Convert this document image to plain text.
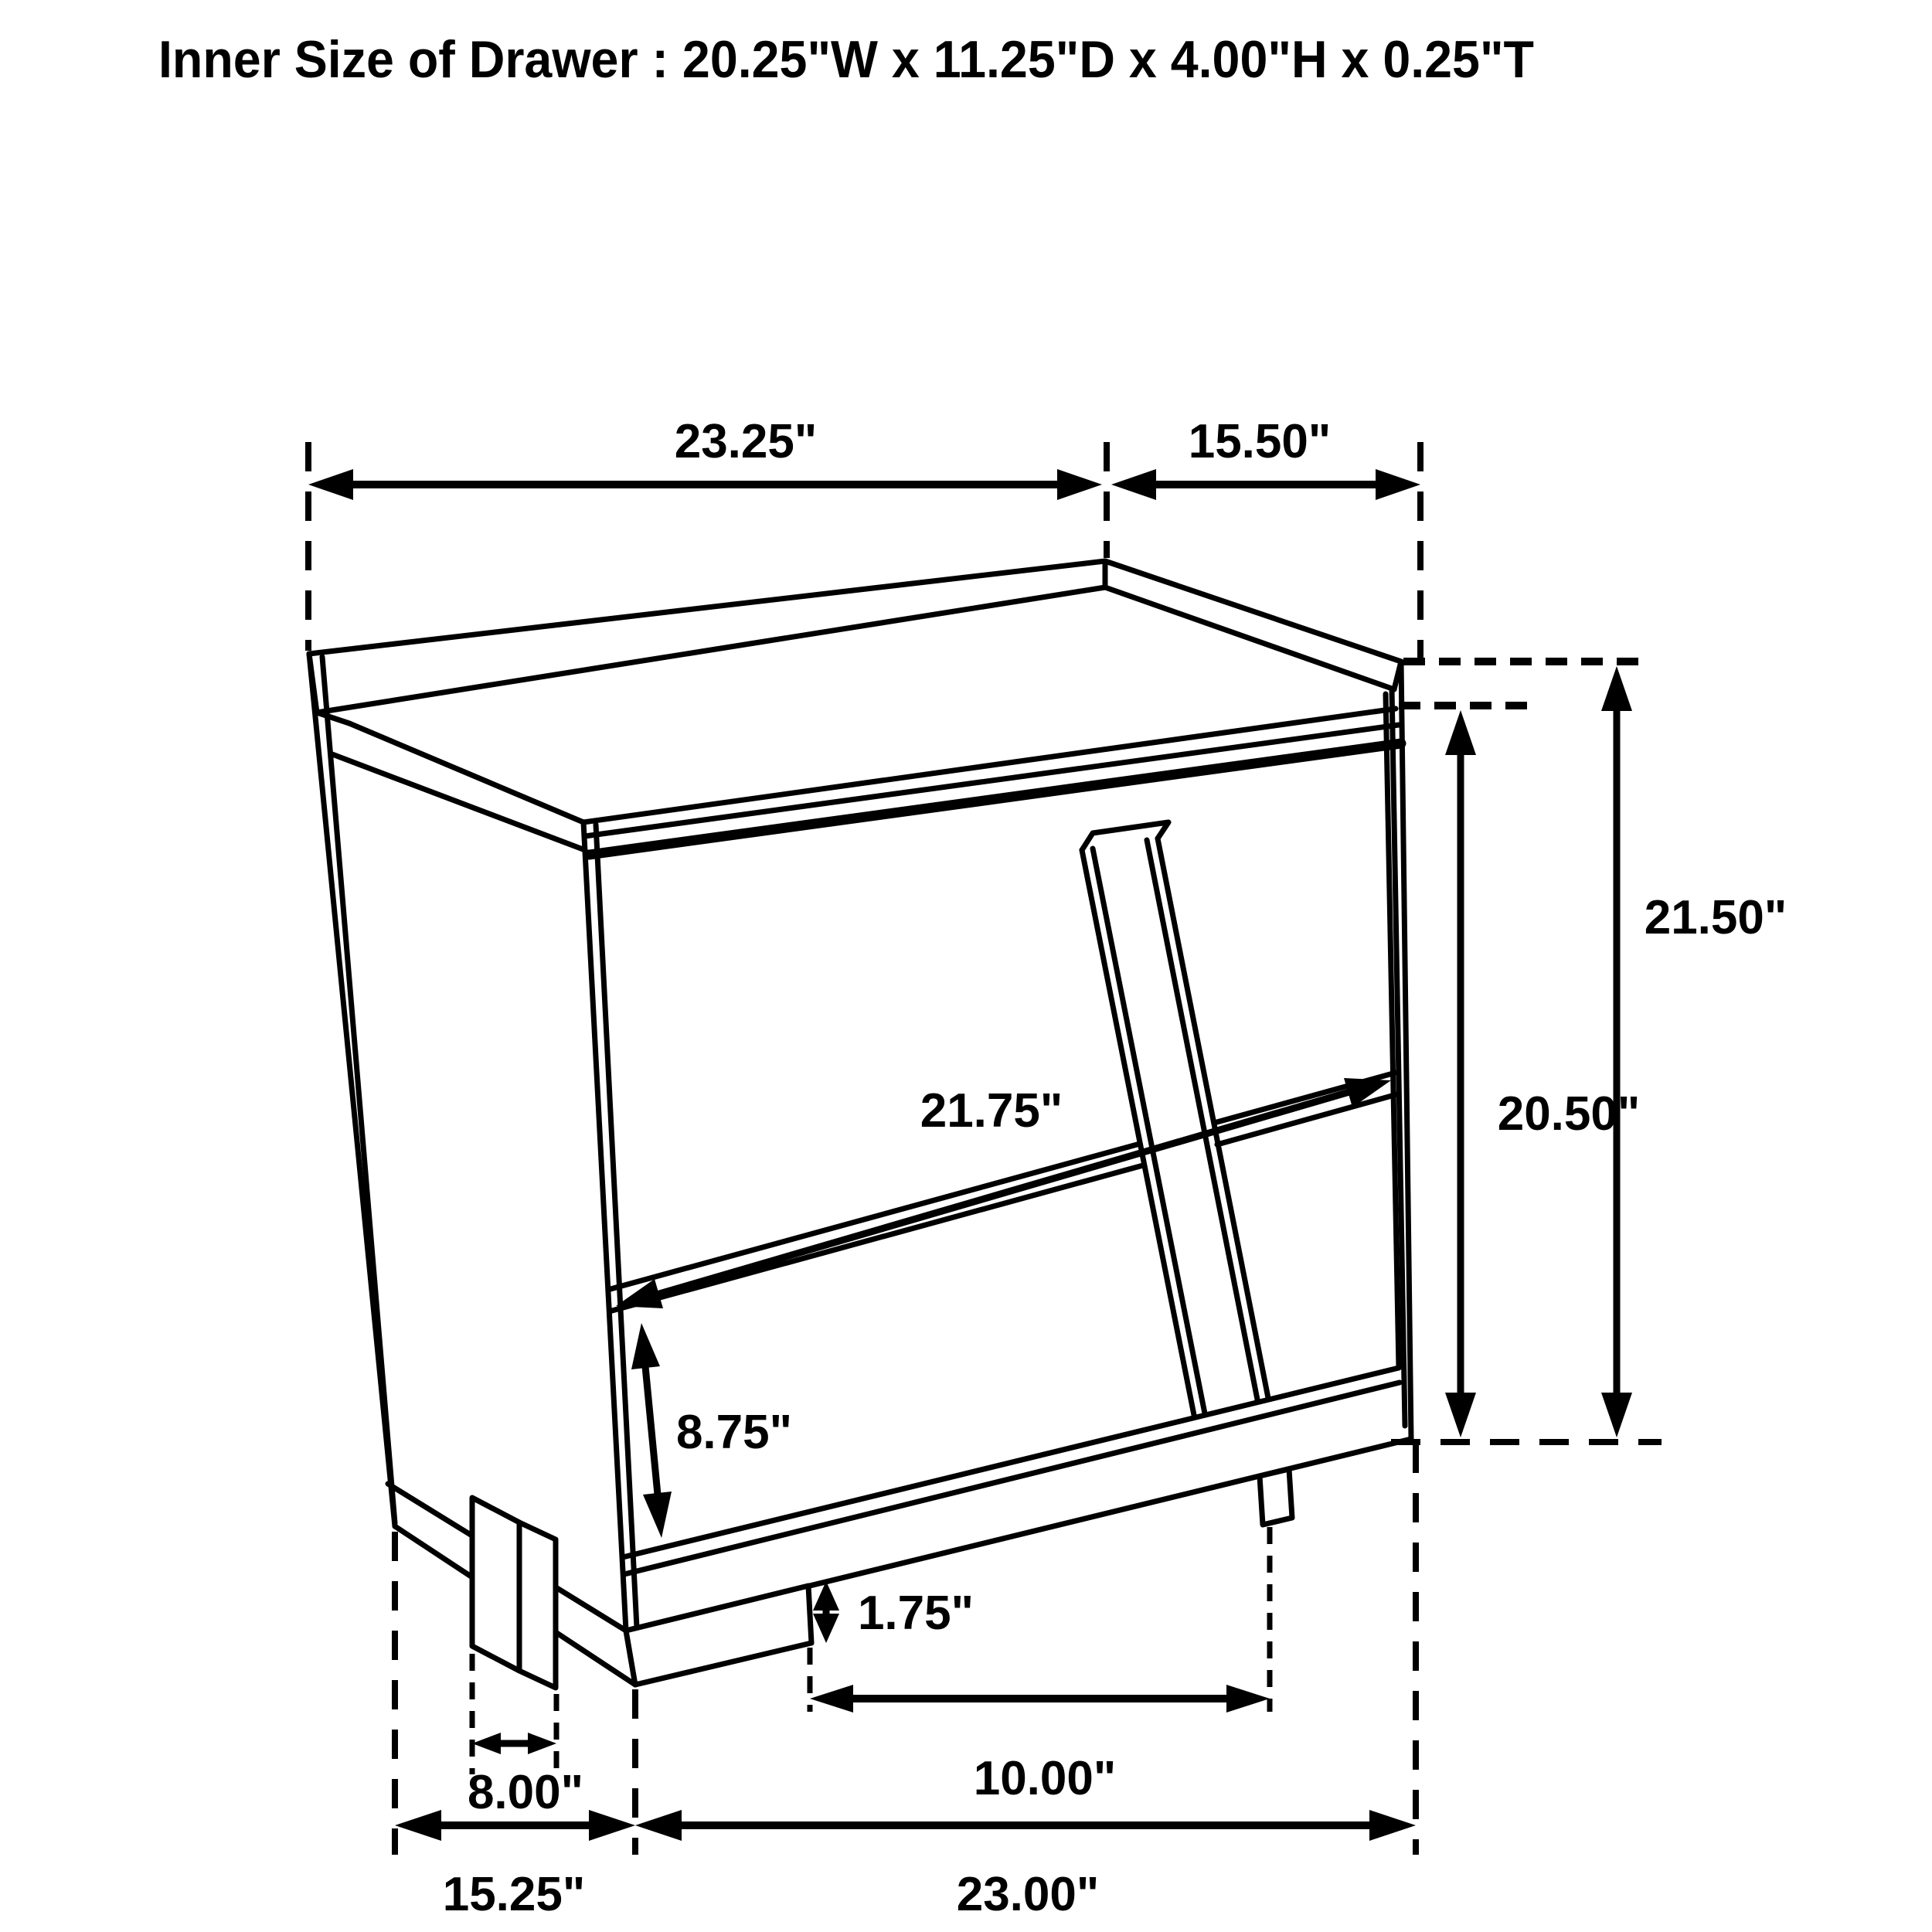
Inner Size of Drawer : 20.25"W x 11.25"D x 4.00"H x 0.25"T
23.25"	15.50"
21.50"
20.50"
21.75"
8.75"
1.75"
8.00"	10.00"
15.25"	23.00"
